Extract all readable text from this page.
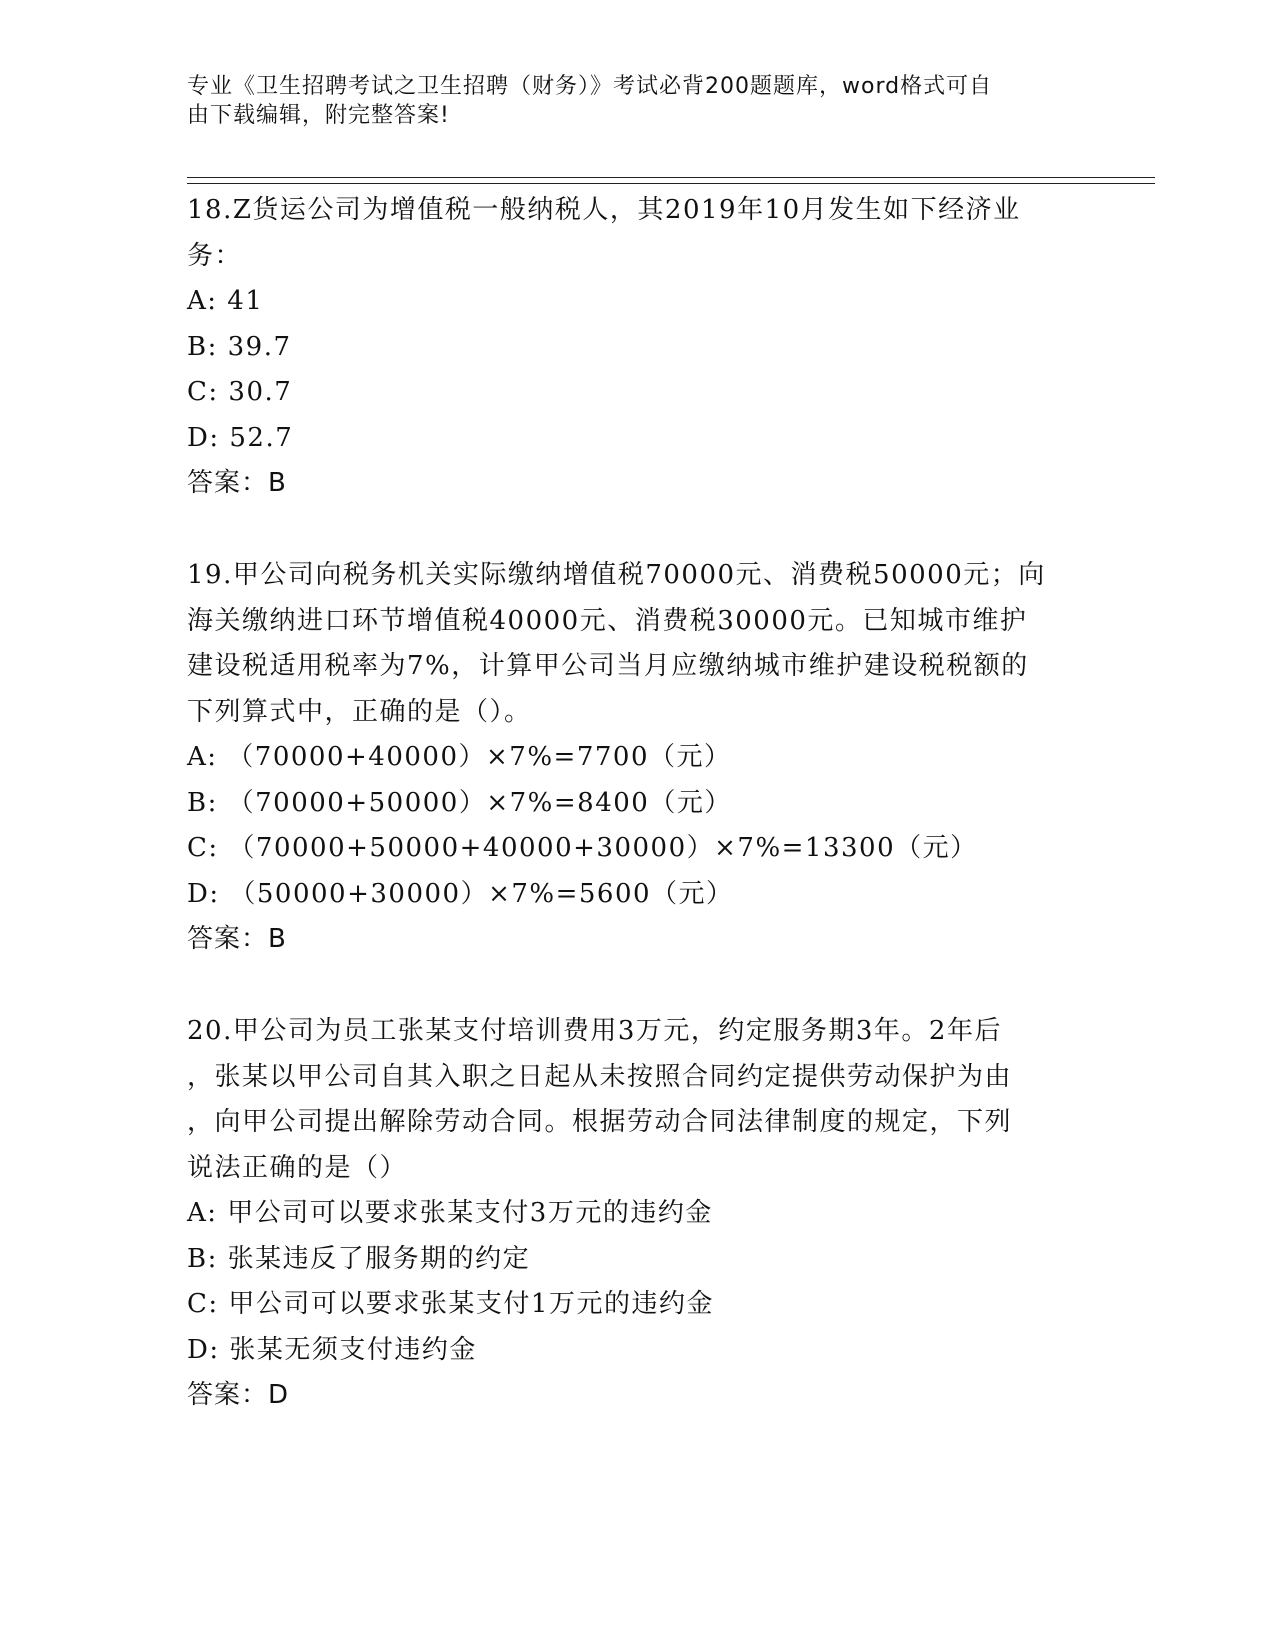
专业《卫生招聘考试之卫生招聘（财务）》考试必背200题题库，word格式可自
由下载编辑，附完整答案!

18.Z货运公司为增值税一般纳税人，其2019年10月发生如下经济业

务：

A: 41

B: 39.7

C: 30.7

D: 52.7

答案：B

19.甲公司向税务机关实际缴纳增值税70000元、消费税50000元；向

海关缴纳进口环节增值税40000元、消费税30000元。已知城市维护

建设税适用税率为7%，计算甲公司当月应缴纳城市维护建设税税额的

下列算式中，正确的是（）。

A: （70000+40000）×7%=7700（元）

B: （70000+50000）×7%=8400（元）

C: （70000+50000+40000+30000）×7%=13300（元）

D: （50000+30000）×7%=5600（元）

答案：B

20.甲公司为员工张某支付培训费用3万元，约定服务期3年。2年后

，张某以甲公司自其入职之日起从未按照合同约定提供劳动保护为由

，向甲公司提出解除劳动合同。根据劳动合同法律制度的规定，下列

说法正确的是（）

A: 甲公司可以要求张某支付3万元的违约金

B: 张某违反了服务期的约定

C: 甲公司可以要求张某支付1万元的违约金

D: 张某无须支付违约金

答案：D
